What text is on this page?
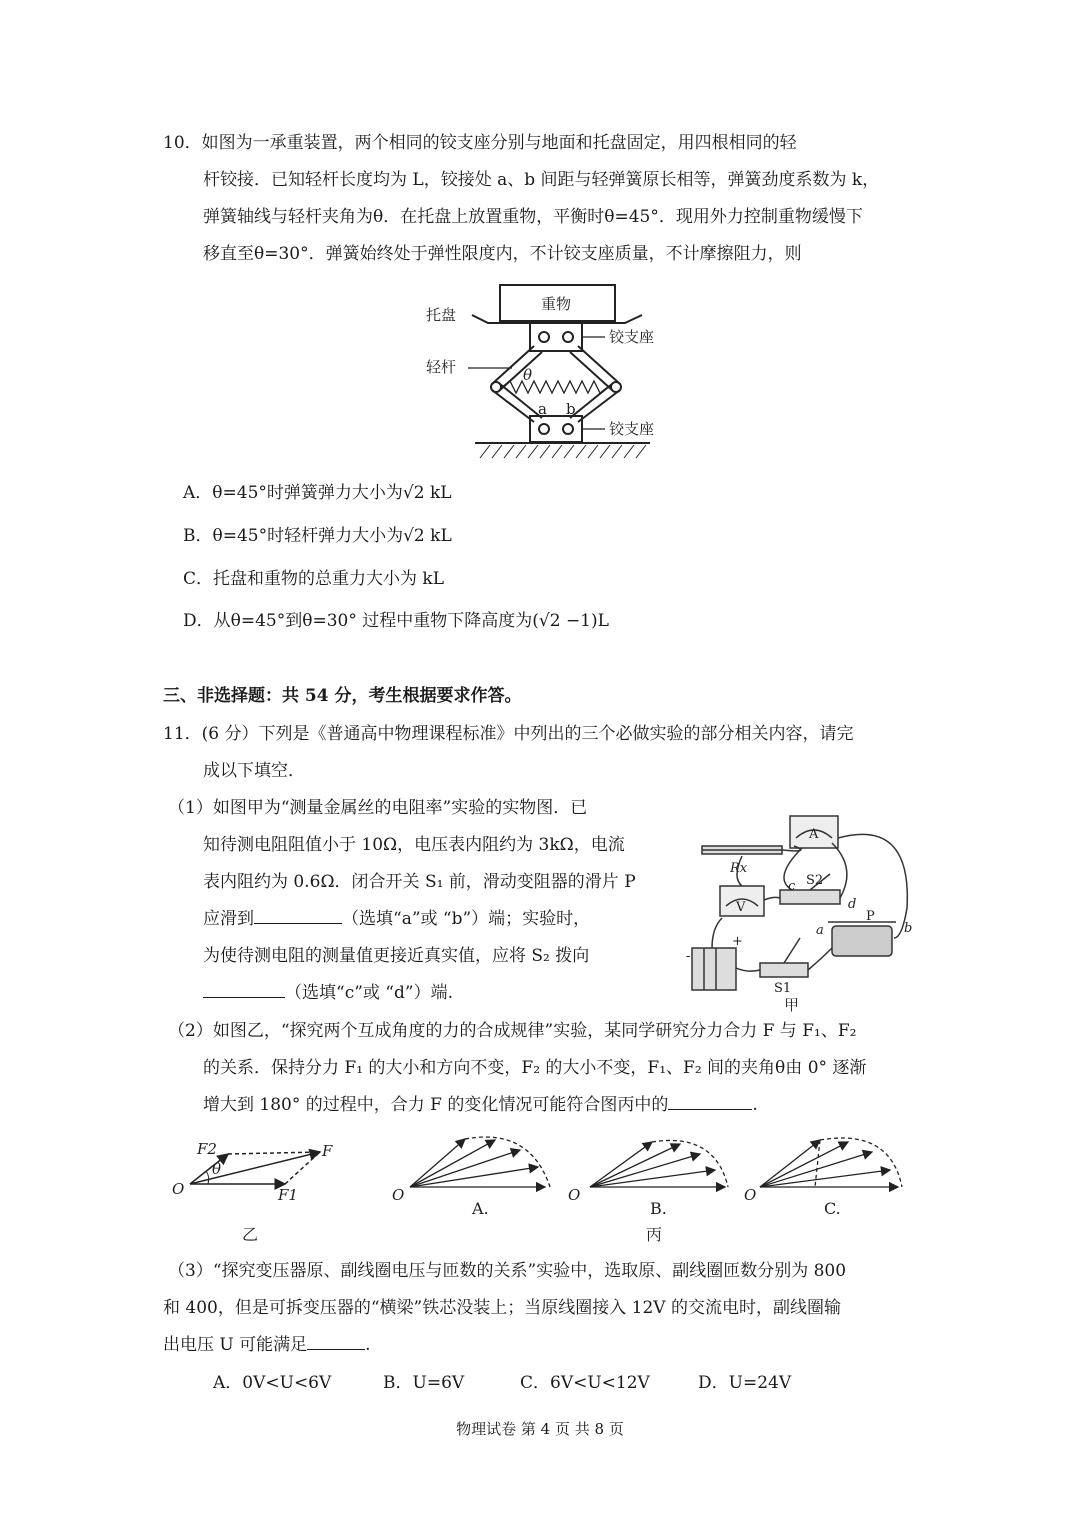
10．如图为一承重装置，两个相同的铰支座分别与地面和托盘固定，用四根相同的轻
杆铰接．已知轻杆长度均为 L，铰接处 a、b 间距与轻弹簧原长相等，弹簧劲度系数为 k，
弹簧轴线与轻杆夹角为θ．在托盘上放置重物，平衡时θ=45°．现用外力控制重物缓慢下
移直至θ=30°．弹簧始终处于弹性限度内，不计铰支座质量，不计摩擦阻力，则
重物
托盘
铰支座
轻杆	θ
a b
铰支座
A．θ=45°时弹簧弹力大小为√2 kL
B．θ=45°时轻杆弹力大小为√2 kL
C．托盘和重物的总重力大小为 kL
D．从θ=45°到θ=30° 过程中重物下降高度为(√2 −1)L
三、非选择题：共 54 分，考生根据要求作答。
11．(6 分）下列是《普通高中物理课程标准》中列出的三个必做实验的部分相关内容，请完
成以下填空．
（1）如图甲为“测量金属丝的电阻率”实验的实物图．已
知待测电阻阻值小于 10Ω，电压表内阻约为 3kΩ，电流
表内阻约为 0.6Ω．闭合开关 S₁ 前，滑动变阻器的滑片 P
应滑到	（选填“a”或 “b”）端；实验时，
为使待测电阻的测量值更接近真实值，应将 S₂ 拨向
（选填“c”或 “d”）端.
A
V
Rx
S2
c
d
a
P
b
S1
+
-
甲
（2）如图乙，“探究两个互成角度的力的合成规律”实验，某同学研究分力合力 F 与 F₁、F₂
的关系．保持分力 F₁ 的大小和方向不变，F₂ 的大小不变，F₁、F₂ 间的夹角θ由 0° 逐渐
增大到 180° 的过程中，合力 F 的变化情况可能符合图丙中的	.
F2
θ
F
O	F1
乙
O
A.
O
B.
丙
O
C.
（3）“探究变压器原、副线圈电压与匝数的关系”实验中，选取原、副线圈匝数分别为 800
和 400，但是可拆变压器的“横梁”铁芯没装上；当原线圈接入 12V 的交流电时，副线圈输
出电压 U 可能满足	.
A．0V<U<6V	B．U=6V	C．6V<U<12V	D．U=24V
物理试卷 第 4 页 共 8 页
